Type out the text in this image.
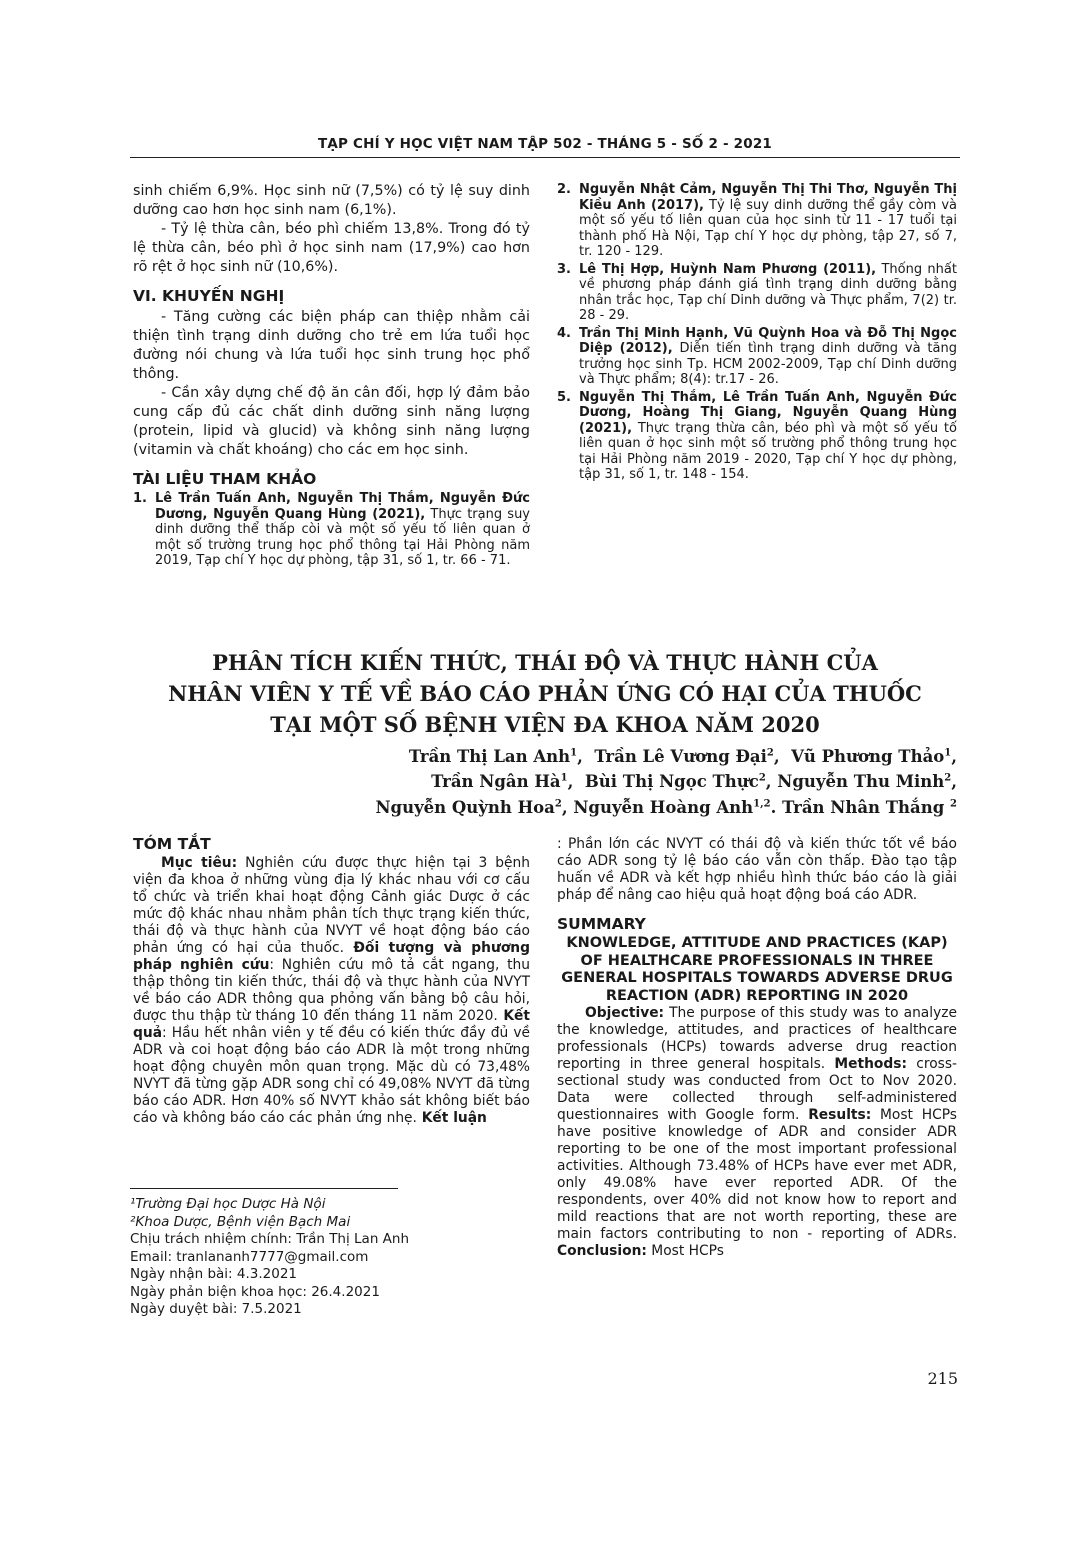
TẠP CHÍ Y HỌC VIỆT NAM TẬP 502 - THÁNG 5 - SỐ 2 - 2021

sinh chiếm 6,9%. Học sinh nữ (7,5%) có tỷ lệ suy dinh dưỡng cao hơn học sinh nam (6,1%).

- Tỷ lệ thừa cân, béo phì chiếm 13,8%. Trong đó tỷ lệ thừa cân, béo phì ở học sinh nam (17,9%) cao hơn rõ rệt ở học sinh nữ (10,6%).

VI. KHUYẾN NGHỊ

- Tăng cường các biện pháp can thiệp nhằm cải thiện tình trạng dinh dưỡng cho trẻ em lứa tuổi học đường nói chung và lứa tuổi học sinh trung học phổ thông.

- Cần xây dựng chế độ ăn cân đối, hợp lý đảm bảo cung cấp đủ các chất dinh dưỡng sinh năng lượng (protein, lipid và glucid) và không sinh năng lượng (vitamin và chất khoáng) cho các em học sinh.

TÀI LIỆU THAM KHẢO
1. Lê Trần Tuấn Anh, Nguyễn Thị Thắm, Nguyễn Đức Dương, Nguyễn Quang Hùng (2021), Thực trạng suy dinh dưỡng thể thấp còi và một số yếu tố liên quan ở một số trường trung học phổ thông tại Hải Phòng năm 2019, Tạp chí Y học dự phòng, tập 31, số 1, tr. 66 - 71.
2. Nguyễn Nhật Cảm, Nguyễn Thị Thi Thơ, Nguyễn Thị Kiều Anh (2017), Tỷ lệ suy dinh dưỡng thể gầy còm và một số yếu tố liên quan của học sinh từ 11 - 17 tuổi tại thành phố Hà Nội, Tạp chí Y học dự phòng, tập 27, số 7, tr. 120 - 129.
3. Lê Thị Hợp, Huỳnh Nam Phương (2011), Thống nhất về phương pháp đánh giá tình trạng dinh dưỡng bằng nhân trắc học, Tạp chí Dinh dưỡng và Thực phẩm, 7(2) tr. 28 - 29.
4. Trần Thị Minh Hạnh, Vũ Quỳnh Hoa và Đỗ Thị Ngọc Diệp (2012), Diễn tiến tình trạng dinh dưỡng và tăng trưởng học sinh Tp. HCM 2002-2009, Tạp chí Dinh dưỡng và Thực phẩm; 8(4): tr.17 - 26.
5. Nguyễn Thị Thắm, Lê Trần Tuấn Anh, Nguyễn Đức Dương, Hoàng Thị Giang, Nguyễn Quang Hùng (2021), Thực trạng thừa cân, béo phì và một số yếu tố liên quan ở học sinh một số trường phổ thông trung học tại Hải Phòng năm 2019 - 2020, Tạp chí Y học dự phòng, tập 31, số 1, tr. 148 - 154.
PHÂN TÍCH KIẾN THỨC, THÁI ĐỘ VÀ THỰC HÀNH CỦA
NHÂN VIÊN Y TẾ VỀ BÁO CÁO PHẢN ỨNG CÓ HẠI CỦA THUỐC
TẠI MỘT SỐ BỆNH VIỆN ĐA KHOA NĂM 2020
Trần Thị Lan Anh$^1$,  Trần Lê Vương Đại$^2$,  Vũ Phương Thảo$^1$,
Trần Ngân $Hà^1$,  Bùi Thị Ngọc Thực$^2$, Nguyễn Thu Minh$^2$,
Nguyễn Quỳnh Hoa$^2$, Nguyễn Hoàng Anh$^{1,2}$. Trần Nhân Thắng $^2$
TÓM TẮT

Mục tiêu: Nghiên cứu được thực hiện tại 3 bệnh viện đa khoa ở những vùng địa lý khác nhau với cơ cấu tổ chức và triển khai hoạt động Cảnh giác Dược ở các mức độ khác nhau nhằm phân tích thực trạng kiến thức, thái độ và thực hành của NVYT về hoạt động báo cáo phản ứng có hại của thuốc. Đối tượng và phương pháp nghiên cứu: Nghiên cứu mô tả cắt ngang, thu thập thông tin kiến thức, thái độ và thực hành của NVYT về báo cáo ADR thông qua phỏng vấn bằng bộ câu hỏi, được thu thập từ tháng 10 đến tháng 11 năm 2020. Kết quả: Hầu hết nhân viên y tế đều có kiến thức đầy đủ về ADR và coi hoạt động báo cáo ADR là một trong những hoạt động chuyên môn quan trọng. Mặc dù có 73,48% NVYT đã từng gặp ADR song chỉ có 49,08% NVYT đã từng báo cáo ADR. Hơn 40% số NVYT khảo sát không biết báo cáo và không báo cáo các phản ứng nhẹ. Kết luận

: Phần lớn các NVYT có thái độ và kiến thức tốt về báo cáo ADR song tỷ lệ báo cáo vẫn còn thấp. Đào tạo tập huấn về ADR và kết hợp nhiều hình thức báo cáo là giải pháp để nâng cao hiệu quả hoạt động boá cáo ADR.

SUMMARY
KNOWLEDGE, ATTITUDE AND PRACTICES (KAP) OF HEALTHCARE PROFESSIONALS IN THREE GENERAL HOSPITALS TOWARDS ADVERSE DRUG REACTION (ADR) REPORTING IN 2020

Objective: The purpose of this study was to analyze the knowledge, attitudes, and practices of healthcare professionals (HCPs) towards adverse drug reaction reporting in three general hospitals. Methods: cross-sectional study was conducted from Oct to Nov 2020. Data were collected through self-administered questionnaires with Google form. Results: Most HCPs have positive knowledge of ADR and consider ADR reporting to be one of the most important professional activities. Although 73.48% of HCPs have ever met ADR, only 49.08% have ever reported ADR. Of the respondents, over 40% did not know how to report and mild reactions that are not worth reporting, these are main factors contributing to non - reporting of ADRs. Conclusion: Most HCPs

¹Trường Đại học Dược Hà Nội
²Khoa Dược, Bệnh viện Bạch Mai
Chịu trách nhiệm chính: Trần Thị Lan Anh
Email: tranlananh7777@gmail.com
Ngày nhận bài: 4.3.2021
Ngày phản biện khoa học: 26.4.2021
Ngày duyệt bài: 7.5.2021
215
